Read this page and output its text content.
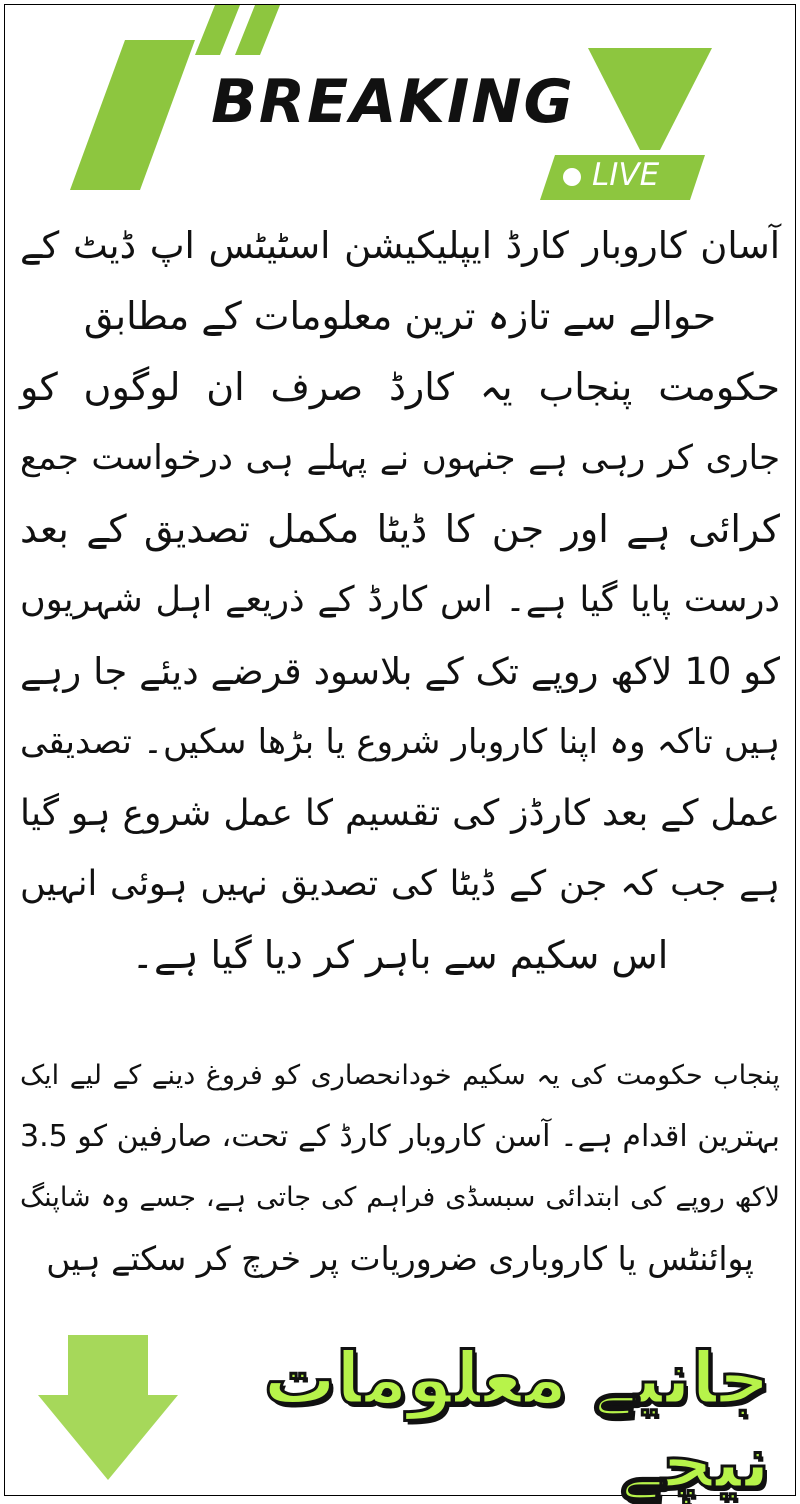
BREAKING
LIVE
آسان کاروبار کارڈ ایپلیکیشن اسٹیٹس اپ ڈیٹ کے
حوالے سے تازہ ترین معلومات کے مطابق
حکومت پنجاب یہ کارڈ صرف ان لوگوں کو
جاری کر رہی ہے جنہوں نے پہلے ہی درخواست جمع
کرائی ہے اور جن کا ڈیٹا مکمل تصدیق کے بعد
درست پایا گیا ہے۔ اس کارڈ کے ذریعے اہل شہریوں
کو 10 لاکھ روپے تک کے بلاسود قرضے دیئے جا رہے
ہیں تاکہ وہ اپنا کاروبار شروع یا بڑھا سکیں۔ تصدیقی
عمل کے بعد کارڈز کی تقسیم کا عمل شروع ہو گیا
ہے جب کہ جن کے ڈیٹا کی تصدیق نہیں ہوئی انہیں
اس سکیم سے باہر کر دیا گیا ہے۔
پنجاب حکومت کی یہ سکیم خودانحصاری کو فروغ دینے کے لیے ایک
بہترین اقدام ہے۔ آسن کاروبار کارڈ کے تحت، صارفین کو 3.5
لاکھ روپے کی ابتدائی سبسڈی فراہم کی جاتی ہے، جسے وہ شاپنگ
پوائنٹس یا کاروباری ضروریات پر خرچ کر سکتے ہیں
جانیے معلومات نیچے
